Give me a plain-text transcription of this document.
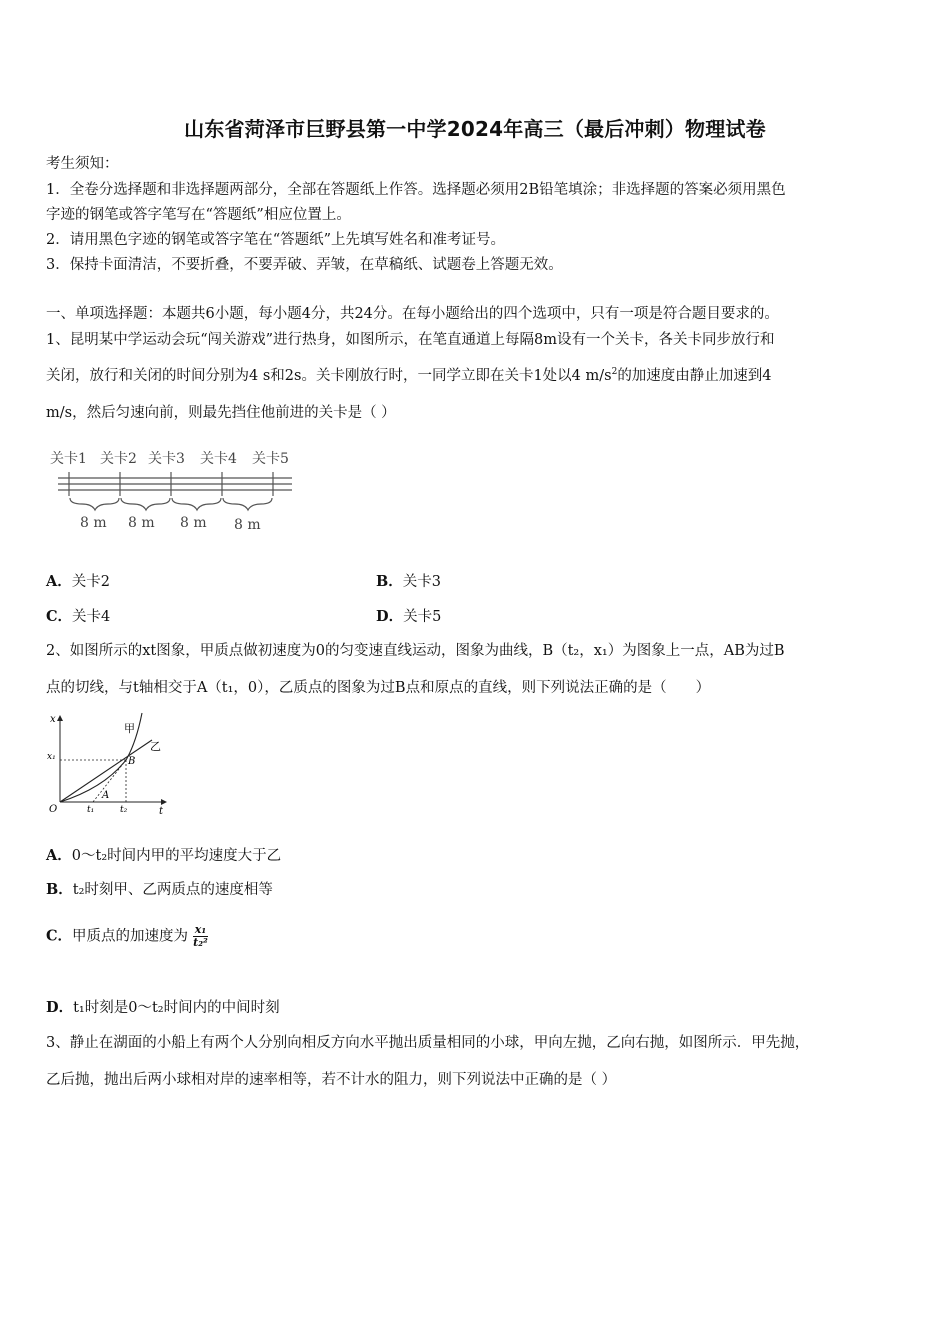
山东省菏泽市巨野县第一中学2024年高三（最后冲刺）物理试卷
考生须知：
1．全卷分选择题和非选择题两部分，全部在答题纸上作答。选择题必须用2B铅笔填涂；非选择题的答案必须用黑色
字迹的钢笔或答字笔写在“答题纸”相应位置上。
2．请用黑色字迹的钢笔或答字笔在“答题纸”上先填写姓名和准考证号。
3．保持卡面清洁，不要折叠，不要弄破、弄皱，在草稿纸、试题卷上答题无效。
一、单项选择题：本题共6小题，每小题4分，共24分。在每小题给出的四个选项中，只有一项是符合题目要求的。
1、昆明某中学运动会玩“闯关游戏”进行热身，如图所示，在笔直通道上每隔8m设有一个关卡，各关卡同步放行和
关闭，放行和关闭的时间分别为4 s和2s。关卡刚放行时，一同学立即在关卡1处以4 $m/s^2$的加速度由静止加速到4
m/s，然后匀速向前，则最先挡住他前进的关卡是（ ）
关卡1 关卡2 关卡3 关卡4 关卡5
8 m 8 m 8 m 8 m
A．关卡2	B．关卡3
C．关卡4	D．关卡5
2、如图所示的xt图象，甲质点做初速度为0的匀变速直线运动，图象为曲线，B（t₂，x₁）为图象上一点，AB为过B
点的切线，与t轴相交于A（t₁，0），乙质点的图象为过B点和原点的直线，则下列说法正确的是（　　）
x
t
O
x₁
t₁	t₂
甲
乙
B
A
A．0～t₂时间内甲的平均速度大于乙
B．t₂时刻甲、乙两质点的速度相等
C．甲质点的加速度为 $\frac{\text{x₁}}{\text{t₂²}}$
D．t₁时刻是0～t₂时间内的中间时刻
3、静止在湖面的小船上有两个人分别向相反方向水平抛出质量相同的小球，甲向左抛，乙向右抛，如图所示．甲先抛，
乙后抛，抛出后两小球相对岸的速率相等，若不计水的阻力，则下列说法中正确的是（ ）
